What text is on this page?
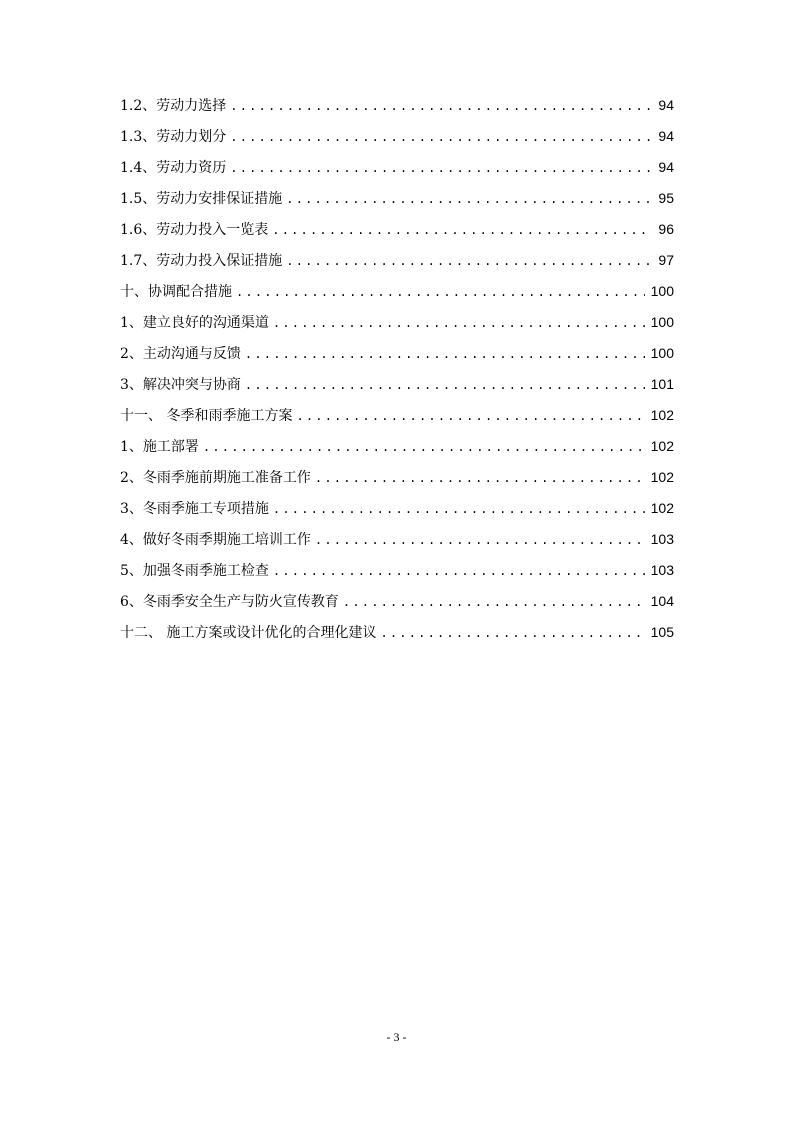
1.2、劳动力选择 .....	94
1.3、劳动力划分 .....	94
1.4、劳动力资历 .....	94
1.5、劳动力安排保证措施 .....	95
1.6、劳动力投入一览表 .....	96
1.7、劳动力投入保证措施 .....	97
十、协调配合措施 .....	100
1、建立良好的沟通渠道 .....	100
2、主动沟通与反馈 .....	100
3、解决冲突与协商 .....	101
十一、 冬季和雨季施工方案 .....	102
1、施工部署 .....	102
2、冬雨季施前期施工准备工作 .....	102
3、冬雨季施工专项措施 .....	102
4、做好冬雨季期施工培训工作 .....	103
5、加强冬雨季施工检查 .....	103
6、冬雨季安全生产与防火宣传教育 .....	104
十二、 施工方案或设计优化的合理化建议 .....	105
- 3 -
